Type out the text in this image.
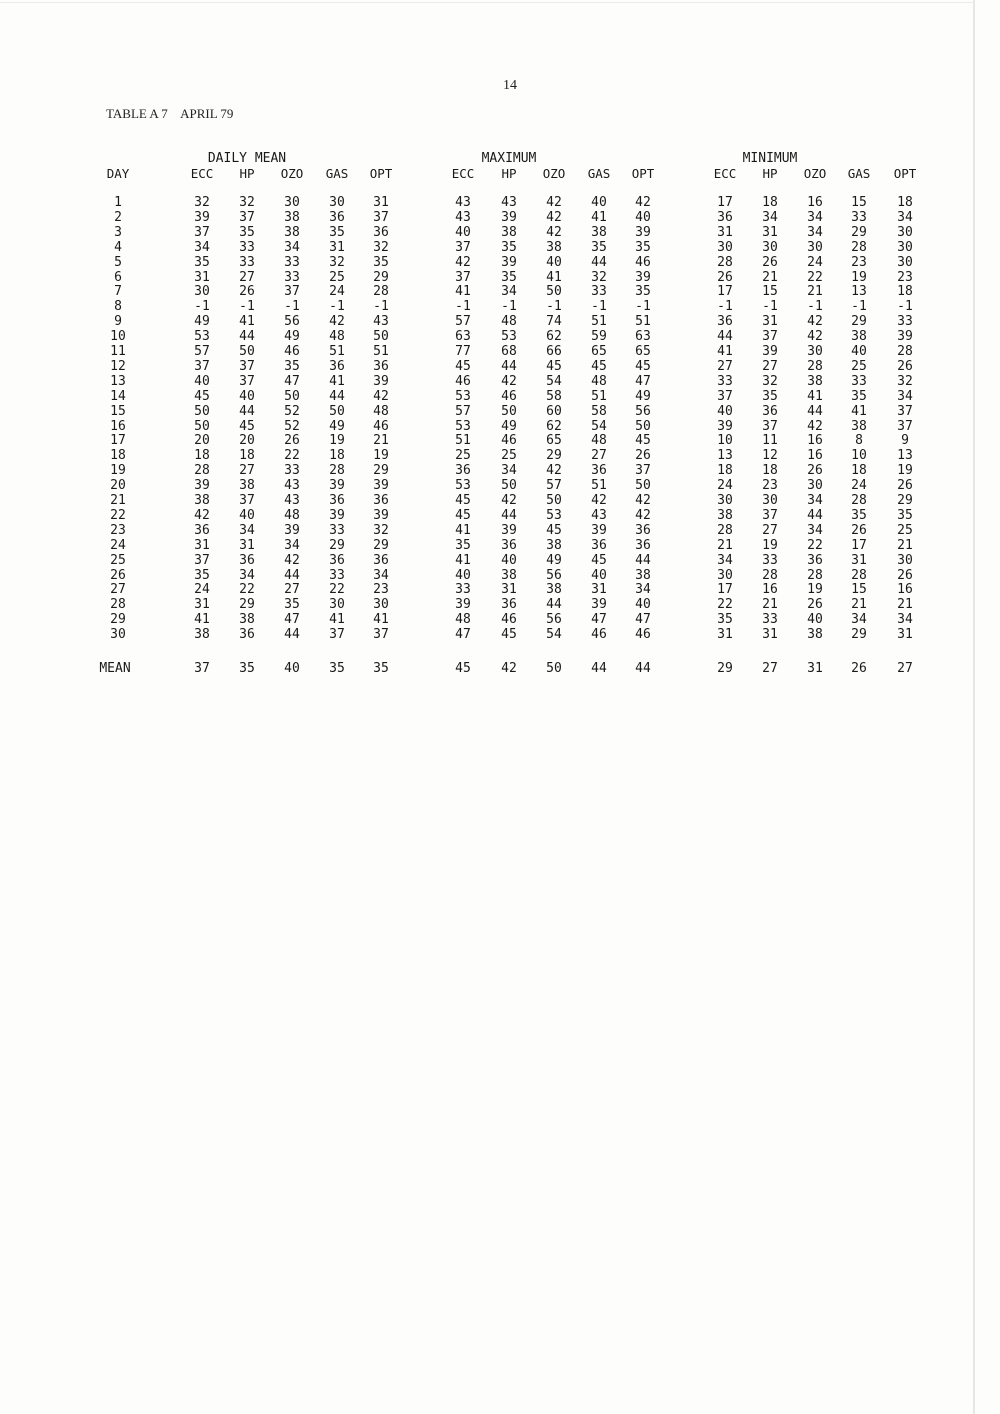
14
TABLE A 7    APRIL 79
DAILY MEAN	MAXIMUM	MINIMUM
DAY	ECC	HP	OZO	GAS	OPT	ECC	HP	OZO	GAS	OPT	ECC	HP	OZO	GAS	OPT
1	32	32	30	30	31	43	43	42	40	42	17	18	16	15	18
2	39	37	38	36	37	43	39	42	41	40	36	34	34	33	34
3	37	35	38	35	36	40	38	42	38	39	31	31	34	29	30
4	34	33	34	31	32	37	35	38	35	35	30	30	30	28	30
5	35	33	33	32	35	42	39	40	44	46	28	26	24	23	30
6	31	27	33	25	29	37	35	41	32	39	26	21	22	19	23
7	30	26	37	24	28	41	34	50	33	35	17	15	21	13	18
8	-1	-1	-1	-1	-1	-1	-1	-1	-1	-1	-1	-1	-1	-1	-1
9	49	41	56	42	43	57	48	74	51	51	36	31	42	29	33
10	53	44	49	48	50	63	53	62	59	63	44	37	42	38	39
11	57	50	46	51	51	77	68	66	65	65	41	39	30	40	28
12	37	37	35	36	36	45	44	45	45	45	27	27	28	25	26
13	40	37	47	41	39	46	42	54	48	47	33	32	38	33	32
14	45	40	50	44	42	53	46	58	51	49	37	35	41	35	34
15	50	44	52	50	48	57	50	60	58	56	40	36	44	41	37
16	50	45	52	49	46	53	49	62	54	50	39	37	42	38	37
17	20	20	26	19	21	51	46	65	48	45	10	11	16	8	9
18	18	18	22	18	19	25	25	29	27	26	13	12	16	10	13
19	28	27	33	28	29	36	34	42	36	37	18	18	26	18	19
20	39	38	43	39	39	53	50	57	51	50	24	23	30	24	26
21	38	37	43	36	36	45	42	50	42	42	30	30	34	28	29
22	42	40	48	39	39	45	44	53	43	42	38	37	44	35	35
23	36	34	39	33	32	41	39	45	39	36	28	27	34	26	25
24	31	31	34	29	29	35	36	38	36	36	21	19	22	17	21
25	37	36	42	36	36	41	40	49	45	44	34	33	36	31	30
26	35	34	44	33	34	40	38	56	40	38	30	28	28	28	26
27	24	22	27	22	23	33	31	38	31	34	17	16	19	15	16
28	31	29	35	30	30	39	36	44	39	40	22	21	26	21	21
29	41	38	47	41	41	48	46	56	47	47	35	33	40	34	34
30	38	36	44	37	37	47	45	54	46	46	31	31	38	29	31
MEAN	37	35	40	35	35	45	42	50	44	44	29	27	31	26	27
